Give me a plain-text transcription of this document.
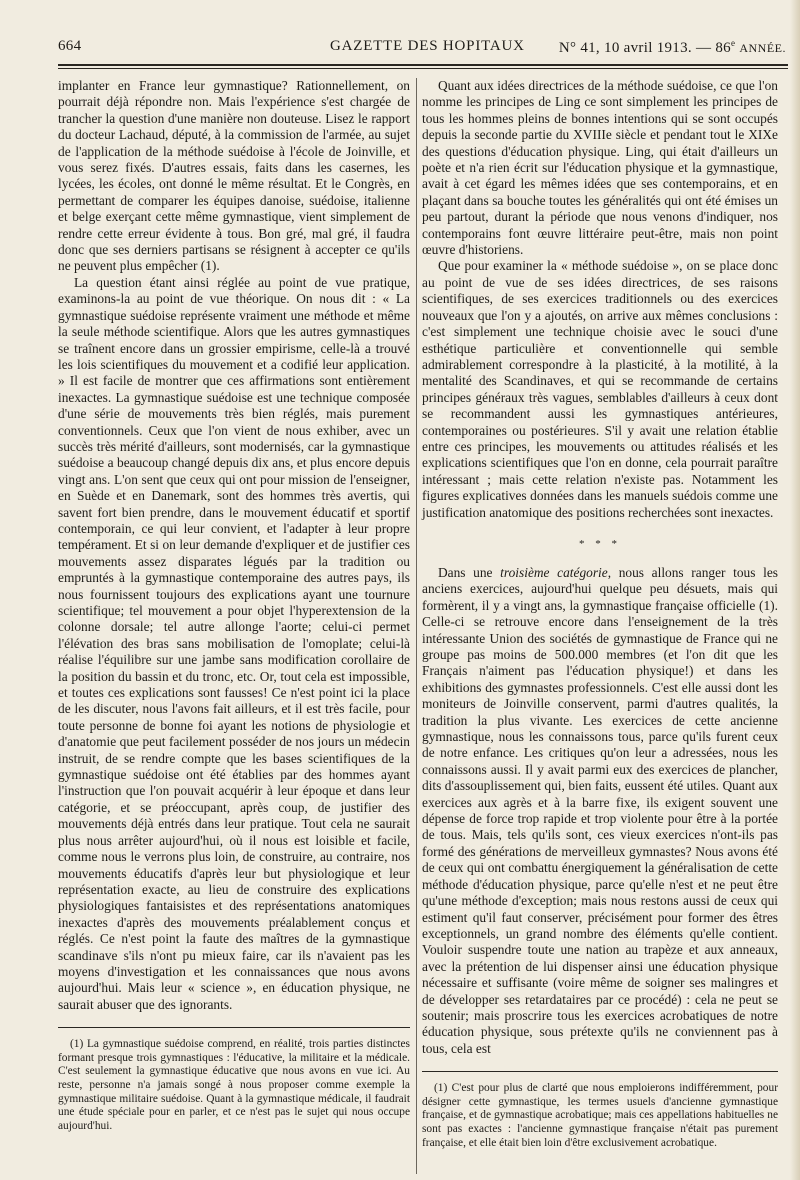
664	GAZETTE DES HOPITAUX N° 41, 10 avril 1913. — 86e ANNÉE.

implanter en France leur gymnastique? Rationnellement, on pourrait déjà répondre non. Mais l'expérience s'est chargée de trancher la question d'une manière non douteuse. Lisez le rapport du docteur Lachaud, député, à la commission de l'armée, au sujet de l'application de la méthode suédoise à l'école de Joinville, et vous serez fixés. D'autres essais, faits dans les casernes, les lycées, les écoles, ont donné le même résultat. Et le Congrès, en permettant de comparer les équipes danoise, suédoise, italienne et belge exerçant cette même gymnastique, vient simplement de rendre cette erreur évidente à tous. Bon gré, mal gré, il faudra donc que ses derniers partisans se résignent à accepter ce qu'ils ne peuvent plus empêcher (1).

La question étant ainsi réglée au point de vue pratique, examinons-la au point de vue théorique. On nous dit : « La gymnastique suédoise représente vraiment une méthode et même la seule méthode scientifique. Alors que les autres gymnastiques se traînent encore dans un grossier empirisme, celle-là a trouvé les lois scientifiques du mouvement et a codifié leur application. » Il est facile de montrer que ces affirmations sont entièrement inexactes. La gymnastique suédoise est une technique composée d'une série de mouvements très bien réglés, mais purement conventionnels. Ceux que l'on vient de nous exhiber, avec un succès très mérité d'ailleurs, sont modernisés, car la gymnastique suédoise a beaucoup changé depuis dix ans, et plus encore depuis vingt ans. L'on sent que ceux qui ont pour mission de l'enseigner, en Suède et en Danemark, sont des hommes très avertis, qui savent fort bien prendre, dans le mouvement éducatif et sportif contemporain, ce qui leur convient, et l'adapter à leur propre tempérament. Et si on leur demande d'expliquer et de justifier ces mouvements assez disparates légués par la tradition ou empruntés à la gymnastique contemporaine des autres pays, ils nous fournissent toujours des explications ayant une tournure scientifique; tel mouvement a pour objet l'hyperextension de la colonne dorsale; tel autre allonge l'aorte; celui-ci permet l'élévation des bras sans mobilisation de l'omoplate; celui-là réalise l'équilibre sur une jambe sans modification corollaire de la position du bassin et du tronc, etc. Or, tout cela est impossible, et toutes ces explications sont fausses! Ce n'est point ici la place de les discuter, nous l'avons fait ailleurs, et il est très facile, pour toute personne de bonne foi ayant les notions de physiologie et d'anatomie que peut facilement posséder de nos jours un médecin instruit, de se rendre compte que les bases scientifiques de la gymnastique suédoise ont été établies par des hommes ayant l'instruction que l'on pouvait acquérir à leur époque et dans leur catégorie, et se préoccupant, après coup, de justifier des mouvements déjà entrés dans leur pratique. Tout cela ne saurait plus nous arrêter aujourd'hui, où il nous est loisible et facile, comme nous le verrons plus loin, de construire, au contraire, nos mouvements éducatifs d'après leur but physiologique et leur représentation exacte, au lieu de construire des explications physiologiques fantaisistes et des représentations anatomiques inexactes d'après des mouvements préalablement conçus et réglés. Ce n'est point la faute des maîtres de la gymnastique scandinave s'ils n'ont pu mieux faire, car ils n'avaient pas les moyens d'investigation et les connaissances que nous avons aujourd'hui. Mais leur « science », en éducation physique, ne saurait abuser que des ignorants.

(1) La gymnastique suédoise comprend, en réalité, trois parties distinctes formant presque trois gymnastiques : l'éducative, la militaire et la médicale. C'est seulement la gymnastique éducative que nous avons en vue ici. Au reste, personne n'a jamais songé à nous proposer comme exemple la gymnastique militaire suédoise. Quant à la gymnastique médicale, il faudrait une étude spéciale pour en parler, et ce n'est pas le sujet qui nous occupe aujourd'hui.

Quant aux idées directrices de la méthode suédoise, ce que l'on nomme les principes de Ling ce sont simplement les principes de tous les hommes pleins de bonnes intentions qui se sont occupés depuis la seconde partie du XVIIIe siècle et pendant tout le XIXe des questions d'éducation physique. Ling, qui était d'ailleurs un poète et n'a rien écrit sur l'éducation physique et la gymnastique, avait à cet égard les mêmes idées que ses contemporains, et en plaçant dans sa bouche toutes les généralités qui ont été émises un peu partout, durant la période que nous venons d'indiquer, nos contemporains font œuvre littéraire peut-être, mais non point œuvre d'historiens.

Que pour examiner la « méthode suédoise », on se place donc au point de vue de ses idées directrices, de ses raisons scientifiques, de ses exercices traditionnels ou des exercices nouveaux que l'on y a ajoutés, on arrive aux mêmes conclusions : c'est simplement une technique choisie avec le souci d'une esthétique particulière et conventionnelle qui semble admirablement correspondre à la plasticité, à la motilité, à la mentalité des Scandinaves, et qui se recommande de certains principes généraux très vagues, semblables d'ailleurs à ceux dont se recommandent aussi les gymnastiques antérieures, contemporaines ou postérieures. S'il y avait une relation établie entre ces principes, les mouvements ou attitudes réalisés et les explications scientifiques que l'on en donne, cela pourrait paraître intéressant ; mais cette relation n'existe pas. Notamment les figures explicatives données dans les manuels suédois comme une justification anatomique des positions recherchées sont inexactes.

* * *

Dans une troisième catégorie, nous allons ranger tous les anciens exercices, aujourd'hui quelque peu désuets, mais qui formèrent, il y a vingt ans, la gymnastique française officielle (1). Celle-ci se retrouve encore dans l'enseignement de la très intéressante Union des sociétés de gymnastique de France qui ne groupe pas moins de 500.000 membres (et l'on dit que les Français n'aiment pas l'éducation physique!) et dans les exhibitions des gymnastes professionnels. C'est elle aussi dont les moniteurs de Joinville conservent, parmi d'autres qualités, la tradition la plus vivante. Les exercices de cette ancienne gymnastique, nous les connaissons tous, parce qu'ils furent ceux de notre enfance. Les critiques qu'on leur a adressées, nous les connaissons aussi. Il y avait parmi eux des exercices de plancher, dits d'assouplissement qui, bien faits, eussent été utiles. Quant aux exercices aux agrès et à la barre fixe, ils exigent souvent une dépense de force trop rapide et trop violente pour être à la portée de tous. Mais, tels qu'ils sont, ces vieux exercices n'ont-ils pas formé des générations de merveilleux gymnastes? Nous avons été de ceux qui ont combattu énergiquement la généralisation de cette méthode d'éducation physique, parce qu'elle n'est et ne peut être qu'une méthode d'exception; mais nous restons aussi de ceux qui estiment qu'il faut conserver, précisément pour former des êtres exceptionnels, un grand nombre des éléments qu'elle contient. Vouloir suspendre toute une nation au trapèze et aux anneaux, avec la prétention de lui dispenser ainsi une éducation physique nécessaire et suffisante (voire même de soigner ses malingres et de développer ses retardataires par ce procédé) : cela ne peut se soutenir; mais proscrire tous les exercices acrobatiques de notre éducation physique, sous prétexte qu'ils ne conviennent pas à tous, cela est

(1) C'est pour plus de clarté que nous emploierons indifféremment, pour désigner cette gymnastique, les termes usuels d'ancienne gymnastique française, et de gymnastique acrobatique; mais ces appellations habituelles ne sont pas exactes : l'ancienne gymnastique française n'était pas purement française, et elle était bien loin d'être exclusivement acrobatique.
